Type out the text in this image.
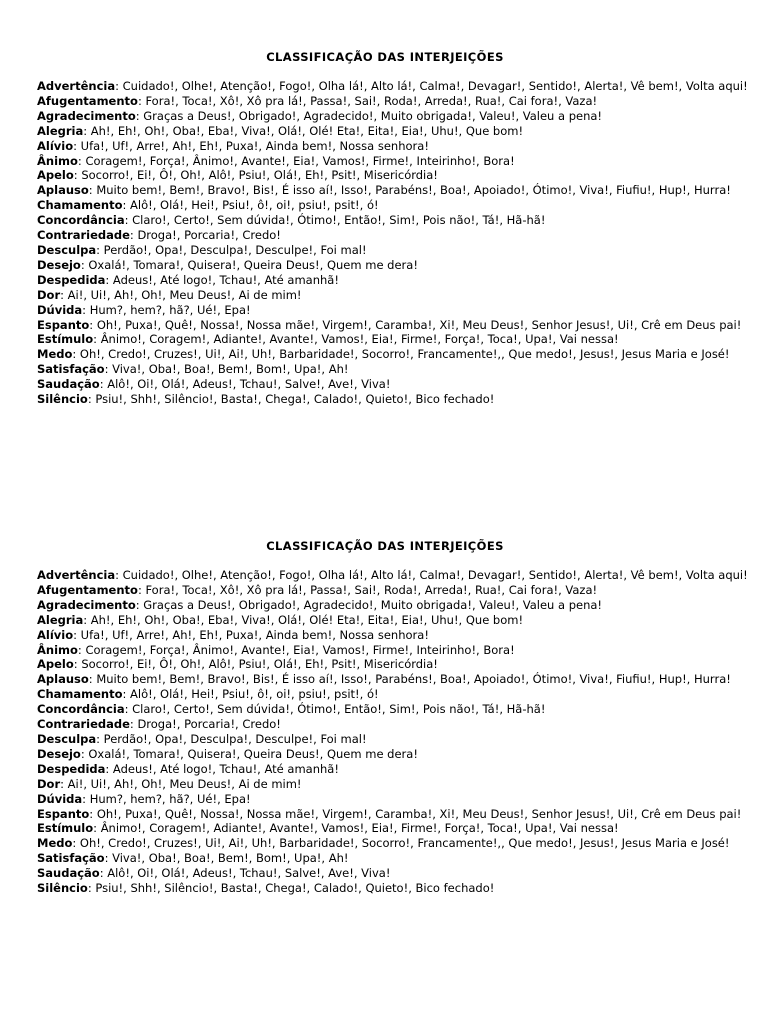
CLASSIFICAÇÃO DAS INTERJEIÇÕES

Advertência: Cuidado!, Olhe!, Atenção!, Fogo!, Olha lá!, Alto lá!, Calma!, Devagar!, Sentido!, Alerta!, Vê bem!, Volta aqui!

Afugentamento: Fora!, Toca!, Xô!, Xô pra lá!, Passa!, Sai!, Roda!, Arreda!, Rua!, Cai fora!, Vaza!

Agradecimento: Graças a Deus!, Obrigado!, Agradecido!, Muito obrigada!, Valeu!, Valeu a pena!

Alegria: Ah!, Eh!, Oh!, Oba!, Eba!, Viva!, Olá!, Olé! Eta!, Eita!, Eia!, Uhu!, Que bom!

Alívio: Ufa!, Uf!, Arre!, Ah!, Eh!, Puxa!, Ainda bem!, Nossa senhora!

Ânimo: Coragem!, Força!, Ânimo!, Avante!, Eia!, Vamos!, Firme!, Inteirinho!, Bora!

Apelo: Socorro!, Ei!, Ô!, Oh!, Alô!, Psiu!, Olá!, Eh!, Psit!, Misericórdia!

Aplauso: Muito bem!, Bem!, Bravo!, Bis!, É isso aí!, Isso!, Parabéns!, Boa!, Apoiado!, Ótimo!, Viva!, Fiufiu!, Hup!, Hurra!

Chamamento: Alô!, Olá!, Hei!, Psiu!, ô!, oi!, psiu!, psit!, ó!

Concordância: Claro!, Certo!, Sem dúvida!, Ótimo!, Então!, Sim!, Pois não!, Tá!, Hã-hã!

Contrariedade: Droga!, Porcaria!, Credo!

Desculpa: Perdão!, Opa!, Desculpa!, Desculpe!, Foi mal!

Desejo: Oxalá!, Tomara!, Quisera!, Queira Deus!, Quem me dera!

Despedida: Adeus!, Até logo!, Tchau!, Até amanhã!

Dor: Ai!, Ui!, Ah!, Oh!, Meu Deus!, Ai de mim!

Dúvida: Hum?, hem?, hã?, Ué!, Epa!

Espanto: Oh!, Puxa!, Quê!, Nossa!, Nossa mãe!, Virgem!, Caramba!, Xi!, Meu Deus!, Senhor Jesus!, Ui!, Crê em Deus pai!

Estímulo: Ânimo!, Coragem!, Adiante!, Avante!, Vamos!, Eia!, Firme!, Força!, Toca!, Upa!, Vai nessa!

Medo: Oh!, Credo!, Cruzes!, Ui!, Ai!, Uh!, Barbaridade!, Socorro!, Francamente!,, Que medo!, Jesus!, Jesus Maria e José!

Satisfação: Viva!, Oba!, Boa!, Bem!, Bom!, Upa!, Ah!

Saudação: Alô!, Oi!, Olá!, Adeus!, Tchau!, Salve!, Ave!, Viva!

Silêncio: Psiu!, Shh!, Silêncio!, Basta!, Chega!, Calado!, Quieto!, Bico fechado!

CLASSIFICAÇÃO DAS INTERJEIÇÕES

Advertência: Cuidado!, Olhe!, Atenção!, Fogo!, Olha lá!, Alto lá!, Calma!, Devagar!, Sentido!, Alerta!, Vê bem!, Volta aqui!

Afugentamento: Fora!, Toca!, Xô!, Xô pra lá!, Passa!, Sai!, Roda!, Arreda!, Rua!, Cai fora!, Vaza!

Agradecimento: Graças a Deus!, Obrigado!, Agradecido!, Muito obrigada!, Valeu!, Valeu a pena!

Alegria: Ah!, Eh!, Oh!, Oba!, Eba!, Viva!, Olá!, Olé! Eta!, Eita!, Eia!, Uhu!, Que bom!

Alívio: Ufa!, Uf!, Arre!, Ah!, Eh!, Puxa!, Ainda bem!, Nossa senhora!

Ânimo: Coragem!, Força!, Ânimo!, Avante!, Eia!, Vamos!, Firme!, Inteirinho!, Bora!

Apelo: Socorro!, Ei!, Ô!, Oh!, Alô!, Psiu!, Olá!, Eh!, Psit!, Misericórdia!

Aplauso: Muito bem!, Bem!, Bravo!, Bis!, É isso aí!, Isso!, Parabéns!, Boa!, Apoiado!, Ótimo!, Viva!, Fiufiu!, Hup!, Hurra!

Chamamento: Alô!, Olá!, Hei!, Psiu!, ô!, oi!, psiu!, psit!, ó!

Concordância: Claro!, Certo!, Sem dúvida!, Ótimo!, Então!, Sim!, Pois não!, Tá!, Hã-hã!

Contrariedade: Droga!, Porcaria!, Credo!

Desculpa: Perdão!, Opa!, Desculpa!, Desculpe!, Foi mal!

Desejo: Oxalá!, Tomara!, Quisera!, Queira Deus!, Quem me dera!

Despedida: Adeus!, Até logo!, Tchau!, Até amanhã!

Dor: Ai!, Ui!, Ah!, Oh!, Meu Deus!, Ai de mim!

Dúvida: Hum?, hem?, hã?, Ué!, Epa!

Espanto: Oh!, Puxa!, Quê!, Nossa!, Nossa mãe!, Virgem!, Caramba!, Xi!, Meu Deus!, Senhor Jesus!, Ui!, Crê em Deus pai!

Estímulo: Ânimo!, Coragem!, Adiante!, Avante!, Vamos!, Eia!, Firme!, Força!, Toca!, Upa!, Vai nessa!

Medo: Oh!, Credo!, Cruzes!, Ui!, Ai!, Uh!, Barbaridade!, Socorro!, Francamente!,, Que medo!, Jesus!, Jesus Maria e José!

Satisfação: Viva!, Oba!, Boa!, Bem!, Bom!, Upa!, Ah!

Saudação: Alô!, Oi!, Olá!, Adeus!, Tchau!, Salve!, Ave!, Viva!

Silêncio: Psiu!, Shh!, Silêncio!, Basta!, Chega!, Calado!, Quieto!, Bico fechado!
